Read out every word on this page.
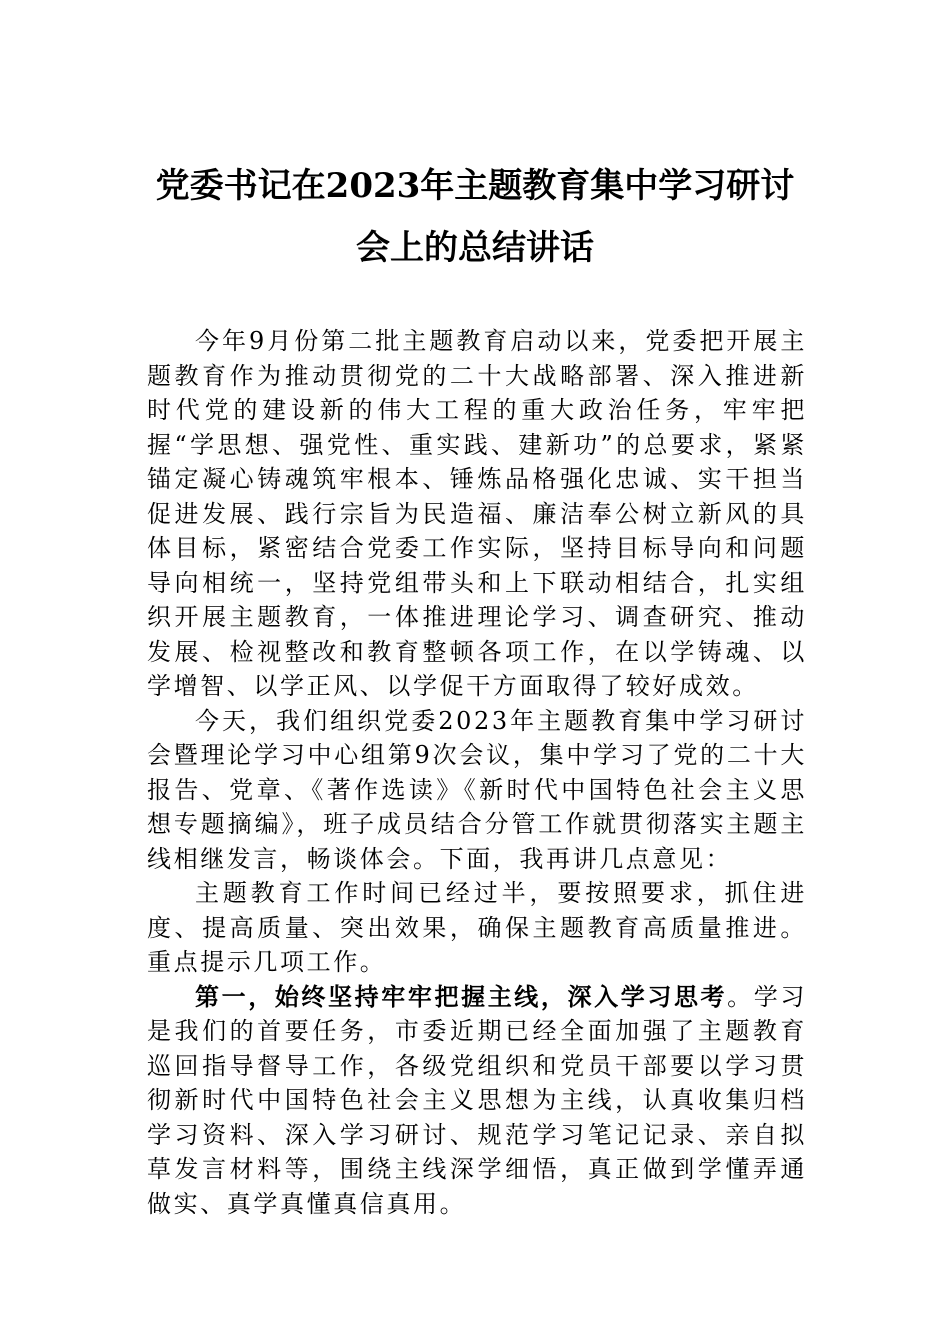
党委书记在2023年主题教育集中学习研讨
会上的总结讲话

今年9月份第二批主题教育启动以来，党委把开展主题教育作为推动贯彻党的二十大战略部署、深入推进新时代党的建设新的伟大工程的重大政治任务，牢牢把握“学思想、强党性、重实践、建新功”的总要求，紧紧锚定凝心铸魂筑牢根本、锤炼品格强化忠诚、实干担当促进发展、践行宗旨为民造福、廉洁奉公树立新风的具体目标，紧密结合党委工作实际，坚持目标导向和问题导向相统一，坚持党组带头和上下联动相结合，扎实组织开展主题教育，一体推进理论学习、调查研究、推动发展、检视整改和教育整顿各项工作，在以学铸魂、以学增智、以学正风、以学促干方面取得了较好成效。

今天，我们组织党委2023年主题教育集中学习研讨会暨理论学习中心组第9次会议，集中学习了党的二十大报告、党章、《著作选读》《新时代中国特色社会主义思想专题摘编》，班子成员结合分管工作就贯彻落实主题主线相继发言，畅谈体会。下面，我再讲几点意见：

主题教育工作时间已经过半，要按照要求，抓住进度、提高质量、突出效果，确保主题教育高质量推进。重点提示几项工作。

第一，始终坚持牢牢把握主线，深入学习思考。学习是我们的首要任务，市委近期已经全面加强了主题教育巡回指导督导工作，各级党组织和党员干部要以学习贯彻新时代中国特色社会主义思想为主线，认真收集归档学习资料、深入学习研讨、规范学习笔记记录、亲自拟草发言材料等，围绕主线深学细悟，真正做到学懂弄通做实、真学真懂真信真用。
